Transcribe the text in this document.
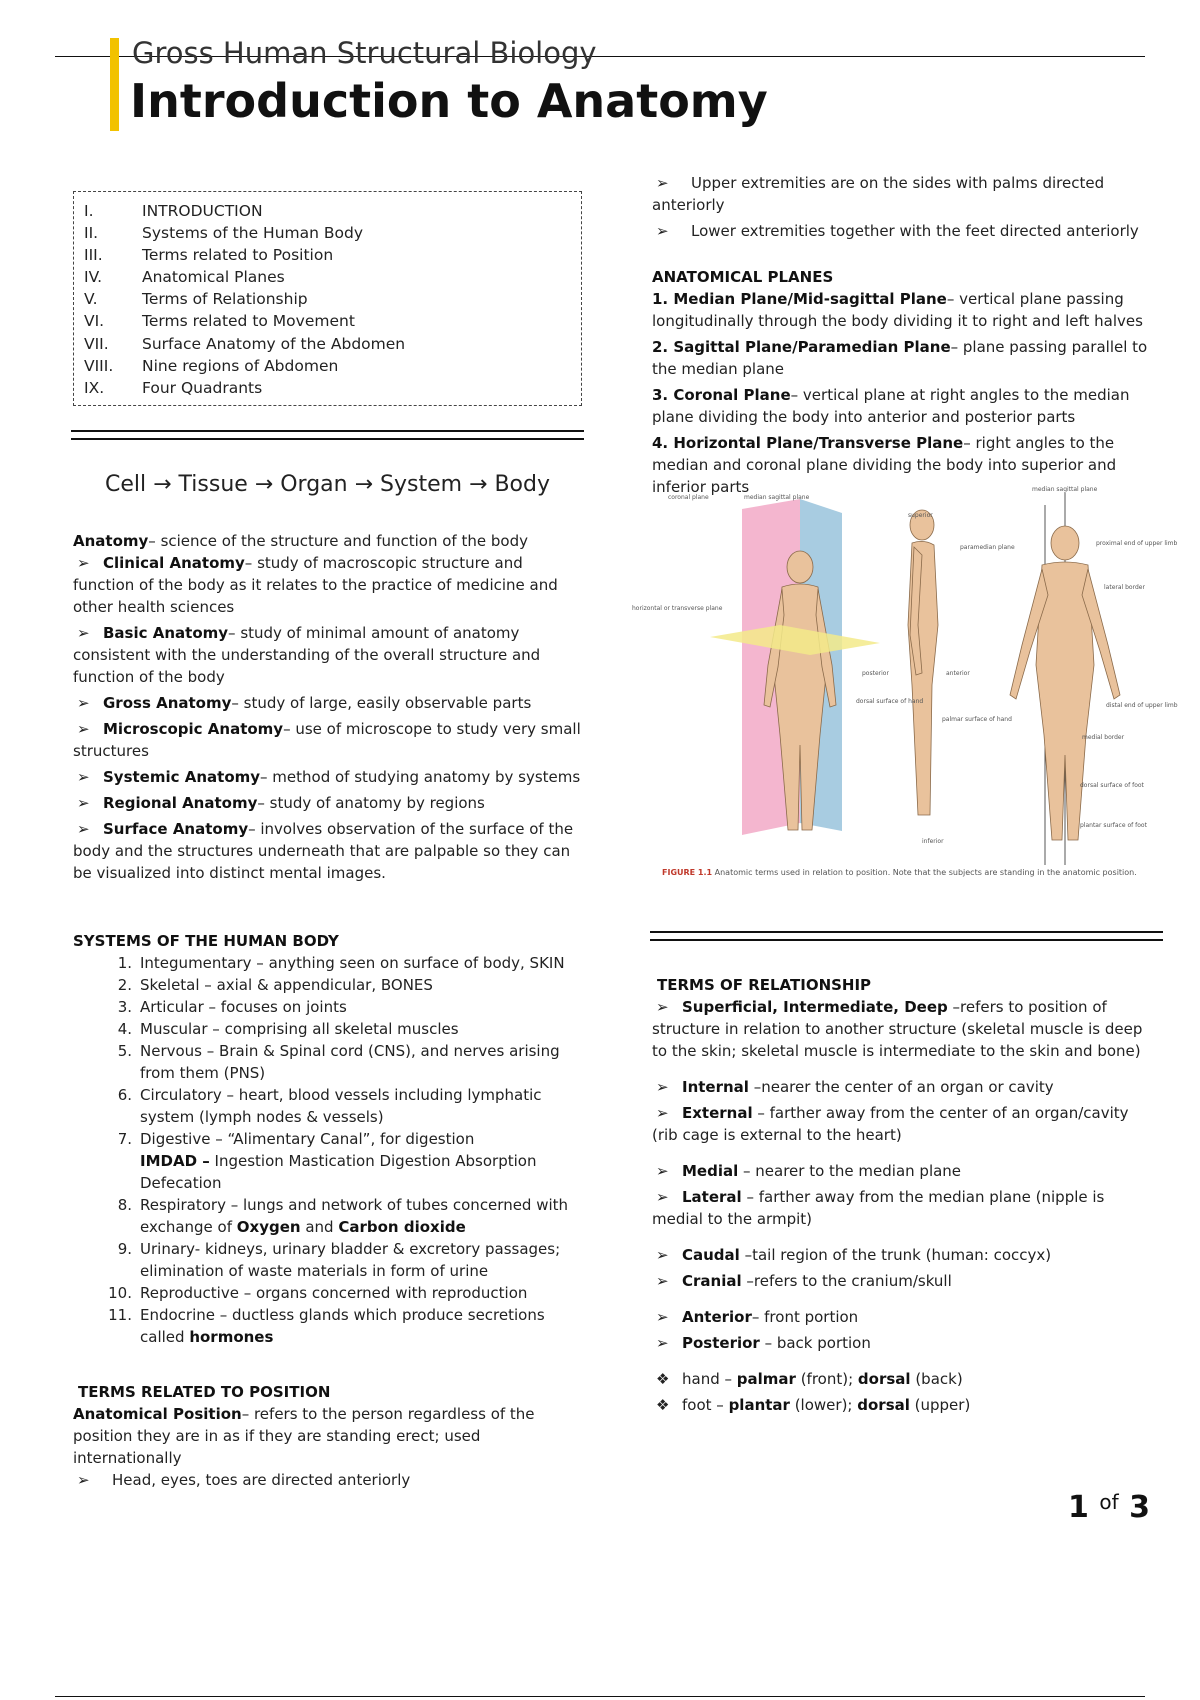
Gross Human Structural Biology
Introduction to Anatomy
I.	INTRODUCTION
II.	Systems of the Human Body
III.	Terms related to Position
IV.	Anatomical Planes
V.	Terms of Relationship
VI.	Terms related to Movement
VII.	Surface Anatomy of the Abdomen
VIII.	Nine regions of Abdomen
IX.	Four Quadrants
Cell → Tissue → Organ → System → Body

Anatomy– science of the structure and function of the body

➢ Clinical Anatomy– study of macroscopic structure and function of the body as it relates to the practice of medicine and other health sciences

➢ Basic Anatomy– study of minimal amount of anatomy consistent with the understanding of the overall structure and function of the body

➢ Gross Anatomy– study of large, easily observable parts

➢ Microscopic Anatomy– use of microscope to study very small structures

➢ Systemic Anatomy– method of studying anatomy by systems

➢ Regional Anatomy– study of anatomy by regions

➢ Surface Anatomy– involves observation of the surface of the body and the structures underneath that are palpable so they can be visualized into distinct mental images.

SYSTEMS OF THE HUMAN BODY
1. Integumentary – anything seen on surface of body, SKIN
2. Skeletal – axial & appendicular, BONES
3. Articular – focuses on joints
4. Muscular – comprising all skeletal muscles
5. Nervous – Brain & Spinal cord (CNS), and nerves arising from them (PNS)
6. Circulatory – heart, blood vessels including lymphatic system (lymph nodes & vessels)
7. Digestive – “Alimentary Canal”, for digestion
IMDAD – Ingestion Mastication Digestion Absorption Defecation
8. Respiratory – lungs and network of tubes concerned with exchange of Oxygen and Carbon dioxide
9. Urinary- kidneys, urinary bladder & excretory passages; elimination of waste materials in form of urine
10. Reproductive – organs concerned with reproduction
11. Endocrine – ductless glands which produce secretions called hormones
TERMS RELATED TO POSITION

Anatomical Position– refers to the person regardless of the position they are in as if they are standing erect; used internationally

➢ Head, eyes, toes are directed anteriorly

➢ Upper extremities are on the sides with palms directed anteriorly

➢ Lower extremities together with the feet directed anteriorly

ANATOMICAL PLANES

1. Median Plane/Mid-sagittal Plane– vertical plane passing longitudinally through the body dividing it to right and left halves

2. Sagittal Plane/Paramedian Plane– plane passing parallel to the median plane

3. Coronal Plane– vertical plane at right angles to the median plane dividing the body into anterior and posterior parts

4. Horizontal Plane/Transverse Plane– right angles to the median and coronal plane dividing the body into superior and inferior parts

coronal plane	median sagittal plane
median sagittal plane
superior
paramedian plane
horizontal or transverse plane
posterior	anterior
dorsal surface of hand
palmar surface of hand
inferior
proximal end of upper limb
lateral border
distal end of upper limb
medial border
dorsal surface of foot
plantar surface of foot
FIGURE 1.1 Anatomic terms used in relation to position. Note that the subjects are standing in the anatomic position.
TERMS OF RELATIONSHIP

➢ Superficial, Intermediate, Deep –refers to position of structure in relation to another structure (skeletal muscle is deep to the skin; skeletal muscle is intermediate to the skin and bone)

➢ Internal –nearer the center of an organ or cavity

➢ External – farther away from the center of an organ/cavity (rib cage is external to the heart)

➢ Medial – nearer to the median plane

➢ Lateral – farther away from the median plane (nipple is medial to the armpit)

➢ Caudal –tail region of the trunk (human: coccyx)

➢ Cranial –refers to the cranium/skull

➢ Anterior– front portion

➢ Posterior – back portion

❖ hand – palmar (front); dorsal (back)

❖ foot – plantar (lower); dorsal (upper)

1 $^{of}$ 3
